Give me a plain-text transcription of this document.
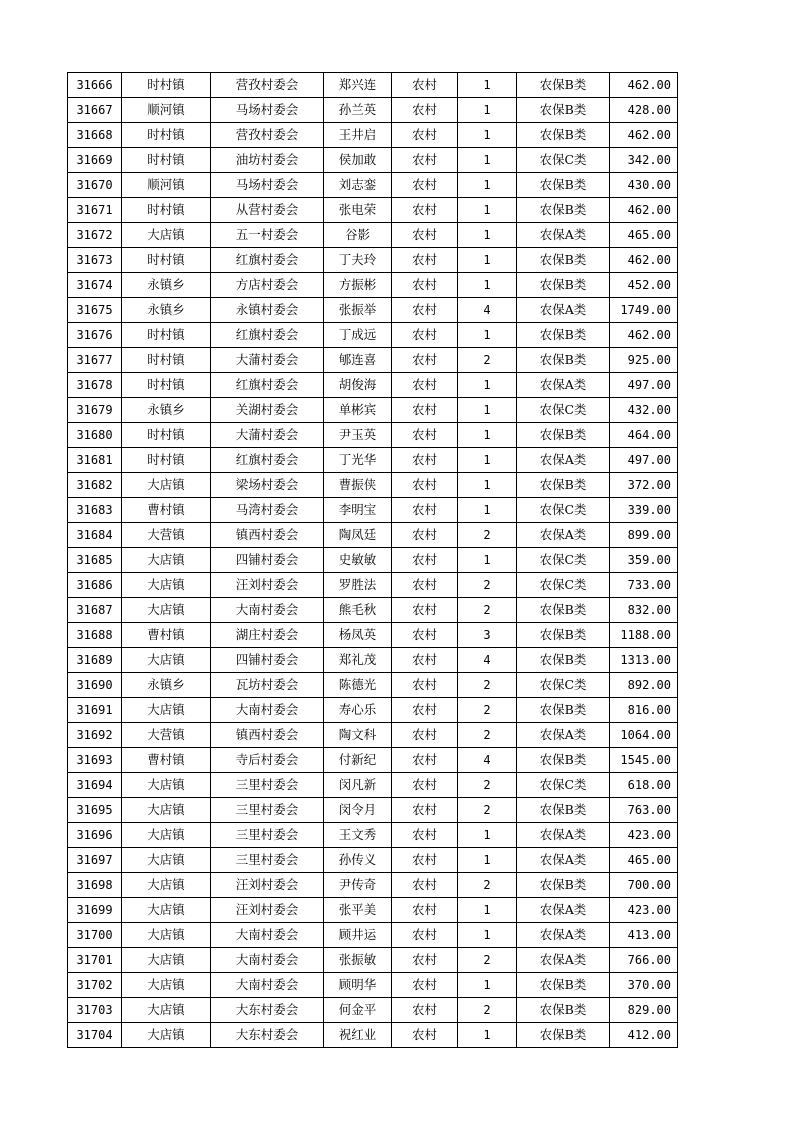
31666	时村镇	营孜村委会	郑兴连	农村	1	农保B类	462.00
31667	顺河镇	马场村委会	孙兰英	农村	1	农保B类	428.00
31668	时村镇	营孜村委会	王井启	农村	1	农保B类	462.00
31669	时村镇	油坊村委会	侯加敢	农村	1	农保C类	342.00
31670	顺河镇	马场村委会	刘志銮	农村	1	农保B类	430.00
31671	时村镇	从营村委会	张电荣	农村	1	农保B类	462.00
31672	大店镇	五一村委会	谷影	农村	1	农保A类	465.00
31673	时村镇	红旗村委会	丁夫玲	农村	1	农保B类	462.00
31674	永镇乡	方店村委会	方振彬	农村	1	农保B类	452.00
31675	永镇乡	永镇村委会	张振举	农村	4	农保A类	1749.00
31676	时村镇	红旗村委会	丁成远	农村	1	农保B类	462.00
31677	时村镇	大蒲村委会	郇连喜	农村	2	农保B类	925.00
31678	时村镇	红旗村委会	胡俊海	农村	1	农保A类	497.00
31679	永镇乡	关湖村委会	单彬宾	农村	1	农保C类	432.00
31680	时村镇	大蒲村委会	尹玉英	农村	1	农保B类	464.00
31681	时村镇	红旗村委会	丁光华	农村	1	农保A类	497.00
31682	大店镇	梁场村委会	曹振侠	农村	1	农保B类	372.00
31683	曹村镇	马湾村委会	李明宝	农村	1	农保C类	339.00
31684	大营镇	镇西村委会	陶凤廷	农村	2	农保A类	899.00
31685	大店镇	四铺村委会	史敏敏	农村	1	农保C类	359.00
31686	大店镇	汪刘村委会	罗胜法	农村	2	农保C类	733.00
31687	大店镇	大南村委会	熊毛秋	农村	2	农保B类	832.00
31688	曹村镇	湖庄村委会	杨凤英	农村	3	农保B类	1188.00
31689	大店镇	四铺村委会	郑礼茂	农村	4	农保B类	1313.00
31690	永镇乡	瓦坊村委会	陈德光	农村	2	农保C类	892.00
31691	大店镇	大南村委会	寿心乐	农村	2	农保B类	816.00
31692	大营镇	镇西村委会	陶文科	农村	2	农保A类	1064.00
31693	曹村镇	寺后村委会	付新纪	农村	4	农保B类	1545.00
31694	大店镇	三里村委会	闵凡新	农村	2	农保C类	618.00
31695	大店镇	三里村委会	闵令月	农村	2	农保B类	763.00
31696	大店镇	三里村委会	王文秀	农村	1	农保A类	423.00
31697	大店镇	三里村委会	孙传义	农村	1	农保A类	465.00
31698	大店镇	汪刘村委会	尹传奇	农村	2	农保B类	700.00
31699	大店镇	汪刘村委会	张平美	农村	1	农保A类	423.00
31700	大店镇	大南村委会	顾井运	农村	1	农保A类	413.00
31701	大店镇	大南村委会	张振敏	农村	2	农保A类	766.00
31702	大店镇	大南村委会	顾明华	农村	1	农保B类	370.00
31703	大店镇	大东村委会	何金平	农村	2	农保B类	829.00
31704	大店镇	大东村委会	祝红业	农村	1	农保B类	412.00
